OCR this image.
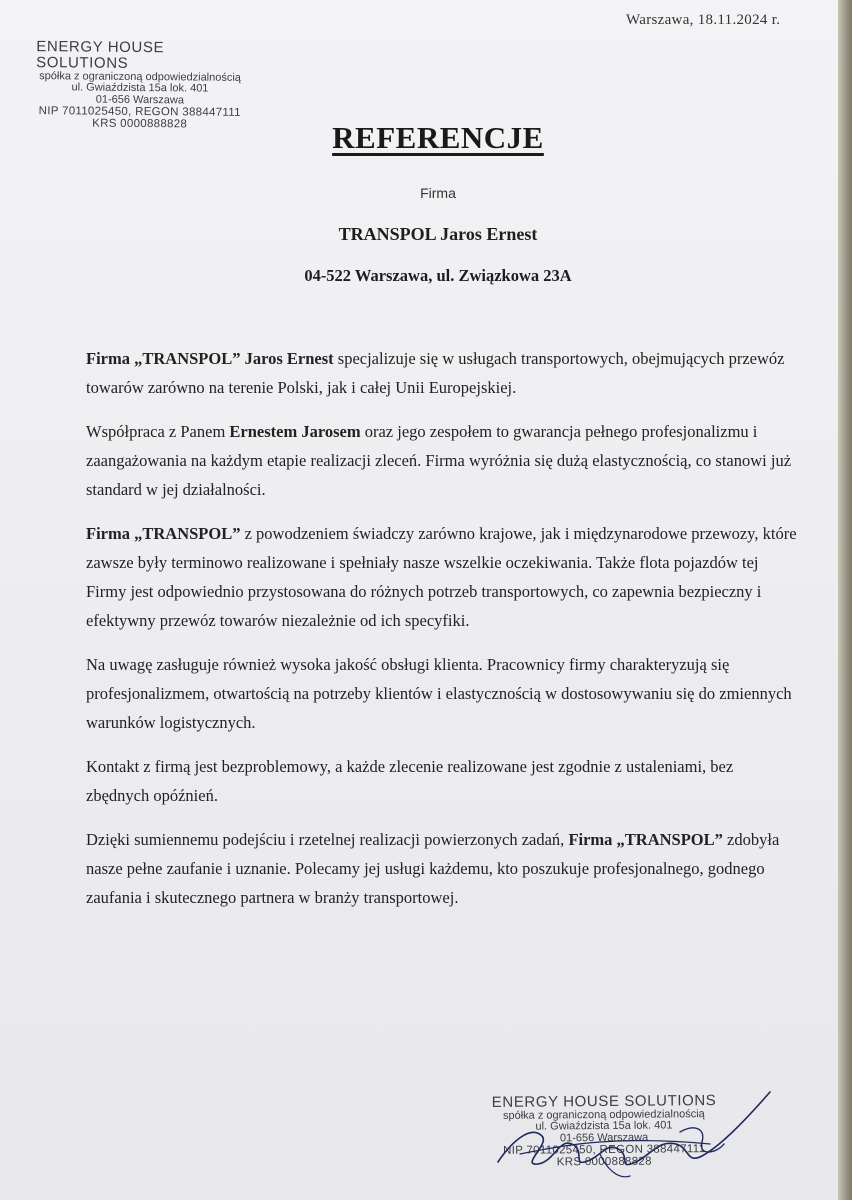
Warszawa, 18.11.2024 r.
ENERGY HOUSE SOLUTIONS
spółka z ograniczoną odpowiedzialnością
ul. Gwiaździsta 15a lok. 401
01-656 Warszawa
NIP 7011025450, REGON 388447111
KRS 0000888828	REFERENCJE
Firma
TRANSPOL Jaros Ernest
04-522 Warszawa, ul. Związkowa 23A

Firma „TRANSPOL” Jaros Ernest specjalizuje się w usługach transportowych, obejmujących przewóz towarów zarówno na terenie Polski, jak i całej Unii Europejskiej.

Współpraca z Panem Ernestem Jarosem oraz jego zespołem to gwarancja pełnego profesjonalizmu i zaangażowania na każdym etapie realizacji zleceń. Firma wyróżnia się dużą elastycznością, co stanowi już standard w jej działalności.

Firma „TRANSPOL” z powodzeniem świadczy zarówno krajowe, jak i międzynarodowe przewozy, które zawsze były terminowo realizowane i spełniały nasze wszelkie oczekiwania. Także flota pojazdów tej Firmy jest odpowiednio przystosowana do różnych potrzeb transportowych, co zapewnia bezpieczny i efektywny przewóz towarów niezależnie od ich specyfiki.

Na uwagę zasługuje również wysoka jakość obsługi klienta. Pracownicy firmy charakteryzują się profesjonalizmem, otwartością na potrzeby klientów i elastycznością w dostosowywaniu się do zmiennych warunków logistycznych.

Kontakt z firmą jest bezproblemowy, a każde zlecenie realizowane jest zgodnie z ustaleniami, bez zbędnych opóźnień.

Dzięki sumiennemu podejściu i rzetelnej realizacji powierzonych zadań, Firma „TRANSPOL” zdobyła nasze pełne zaufanie i uznanie. Polecamy jej usługi każdemu, kto poszukuje profesjonalnego, godnego zaufania i skutecznego partnera w branży transportowej.

ENERGY HOUSE SOLUTIONS
spółka z ograniczoną odpowiedzialnością
ul. Gwiaździsta 15a lok. 401
01-656 Warszawa
NIP 7011025450, REGON 388447111
KRS 0000888828
